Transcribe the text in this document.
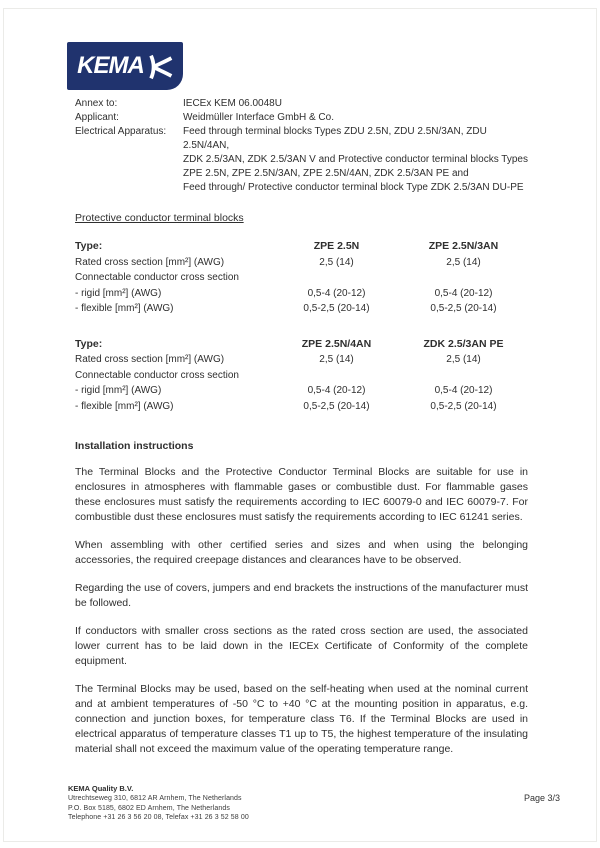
KEMA
Annex to:	IECEx KEM 06.0048U
Applicant:	Weidmüller Interface GmbH & Co.
Electrical Apparatus:	Feed through terminal blocks Types ZDU 2.5N, ZDU 2.5N/3AN, ZDU 2.5N/4AN,
ZDK 2.5/3AN, ZDK 2.5/3AN V and Protective conductor terminal blocks Types
ZPE 2.5N, ZPE 2.5N/3AN, ZPE 2.5N/4AN, ZDK 2.5/3AN PE and
Feed through/ Protective conductor terminal block Type ZDK 2.5/3AN DU-PE
Protective conductor terminal blocks
Type:	ZPE 2.5N	ZPE 2.5N/3AN
Rated cross section [mm²] (AWG)	2,5 (14)	2,5 (14)
Connectable conductor cross section
- rigid [mm²] (AWG)	0,5-4 (20-12)	0,5-4 (20-12)
- flexible [mm²] (AWG)	0,5-2,5 (20-14)	0,5-2,5 (20-14)
Type:	ZPE 2.5N/4AN	ZDK 2.5/3AN PE
Rated cross section [mm²] (AWG)	2,5 (14)	2,5 (14)
Connectable conductor cross section
- rigid [mm²] (AWG)	0,5-4 (20-12)	0,5-4 (20-12)
- flexible [mm²] (AWG)	0,5-2,5 (20-14)	0,5-2,5 (20-14)
Installation instructions
The Terminal Blocks and the Protective Conductor Terminal Blocks are suitable for use in enclosures in atmospheres with flammable gases or combustible dust. For flammable gases these enclosures must satisfy the requirements according to IEC 60079-0 and IEC 60079-7. For combustible dust these enclosures must satisfy the requirements according to IEC 61241 series.
When assembling with other certified series and sizes and when using the belonging accessories, the required creepage distances and clearances have to be observed.
Regarding the use of covers, jumpers and end brackets the instructions of the manufacturer must be followed.
If conductors with smaller cross sections as the rated cross section are used, the associated lower current has to be laid down in the IECEx Certificate of Conformity of the complete equipment.
The Terminal Blocks may be used, based on the self-heating when used at the nominal current and at ambient temperatures of -50 °C to +40 °C at the mounting position in apparatus, e.g. connection and junction boxes, for temperature class T6. If the Terminal Blocks are used in electrical apparatus of temperature classes T1 up to T5, the highest temperature of the insulating material shall not exceed the maximum value of the operating temperature range.
KEMA Quality B.V.
Utrechtseweg 310, 6812 AR Arnhem, The Netherlands
P.O. Box 5185, 6802 ED Arnhem, The Netherlands
Telephone +31 26 3 56 20 08, Telefax +31 26 3 52 58 00
Page 3/3
